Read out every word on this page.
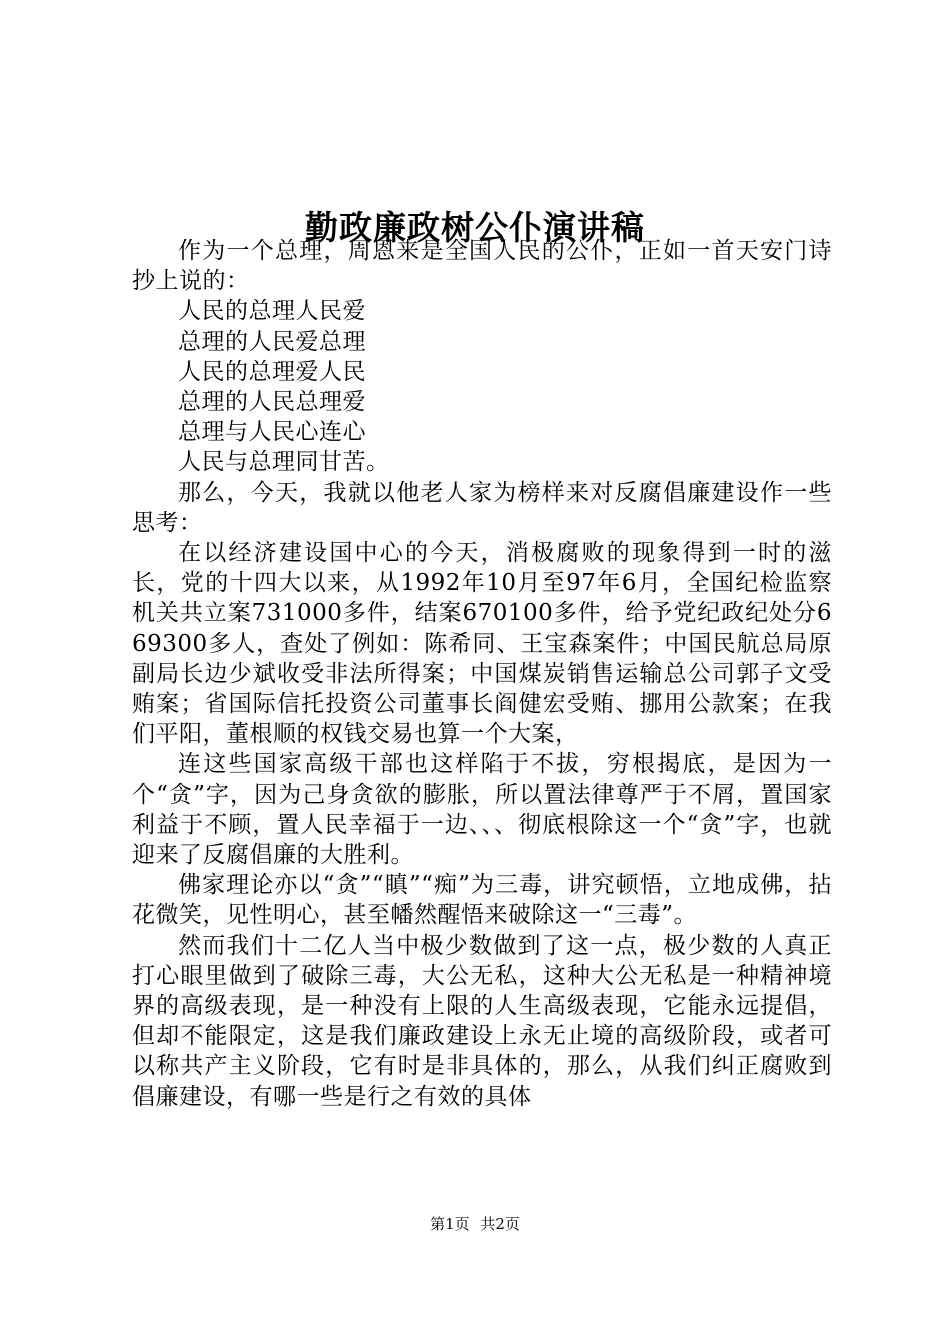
勤政廉政树公仆演讲稿

作为一个总理，周恩来是全国人民的公仆，正如一首天安门诗抄上说的：

人民的总理人民爱

总理的人民爱总理

人民的总理爱人民

总理的人民总理爱

总理与人民心连心

人民与总理同甘苦。

那么，今天，我就以他老人家为榜样来对反腐倡廉建设作一些思考：

在以经济建设国中心的今天，消极腐败的现象得到一时的滋长，党的十四大以来，从1992年10月至97年6月，全国纪检监察机关共立案731000多件，结案670100多件，给予党纪政纪处分669300多人，查处了例如：陈希同、王宝森案件；中国民航总局原副局长边少斌收受非法所得案；中国煤炭销售运输总公司郭子文受贿案；省国际信托投资公司董事长阎健宏受贿、挪用公款案；在我们平阳，董根顺的权钱交易也算一个大案，

连这些国家高级干部也这样陷于不拔，穷根揭底，是因为一个“贪”字，因为己身贪欲的膨胀，所以置法律尊严于不屑，置国家利益于不顾，置人民幸福于一边、、、彻底根除这一个“贪”字，也就迎来了反腐倡廉的大胜利。

佛家理论亦以“贪”“瞋”“痴”为三毒，讲究顿悟，立地成佛，拈花微笑，见性明心，甚至幡然醒悟来破除这一“三毒”。

然而我们十二亿人当中极少数做到了这一点，极少数的人真正打心眼里做到了破除三毒，大公无私，这种大公无私是一种精神境界的高级表现，是一种没有上限的人生高级表现，它能永远提倡，但却不能限定，这是我们廉政建设上永无止境的高级阶段，或者可以称共产主义阶段，它有时是非具体的，那么，从我们纠正腐败到倡廉建设，有哪一些是行之有效的具体

第1页 共2页
